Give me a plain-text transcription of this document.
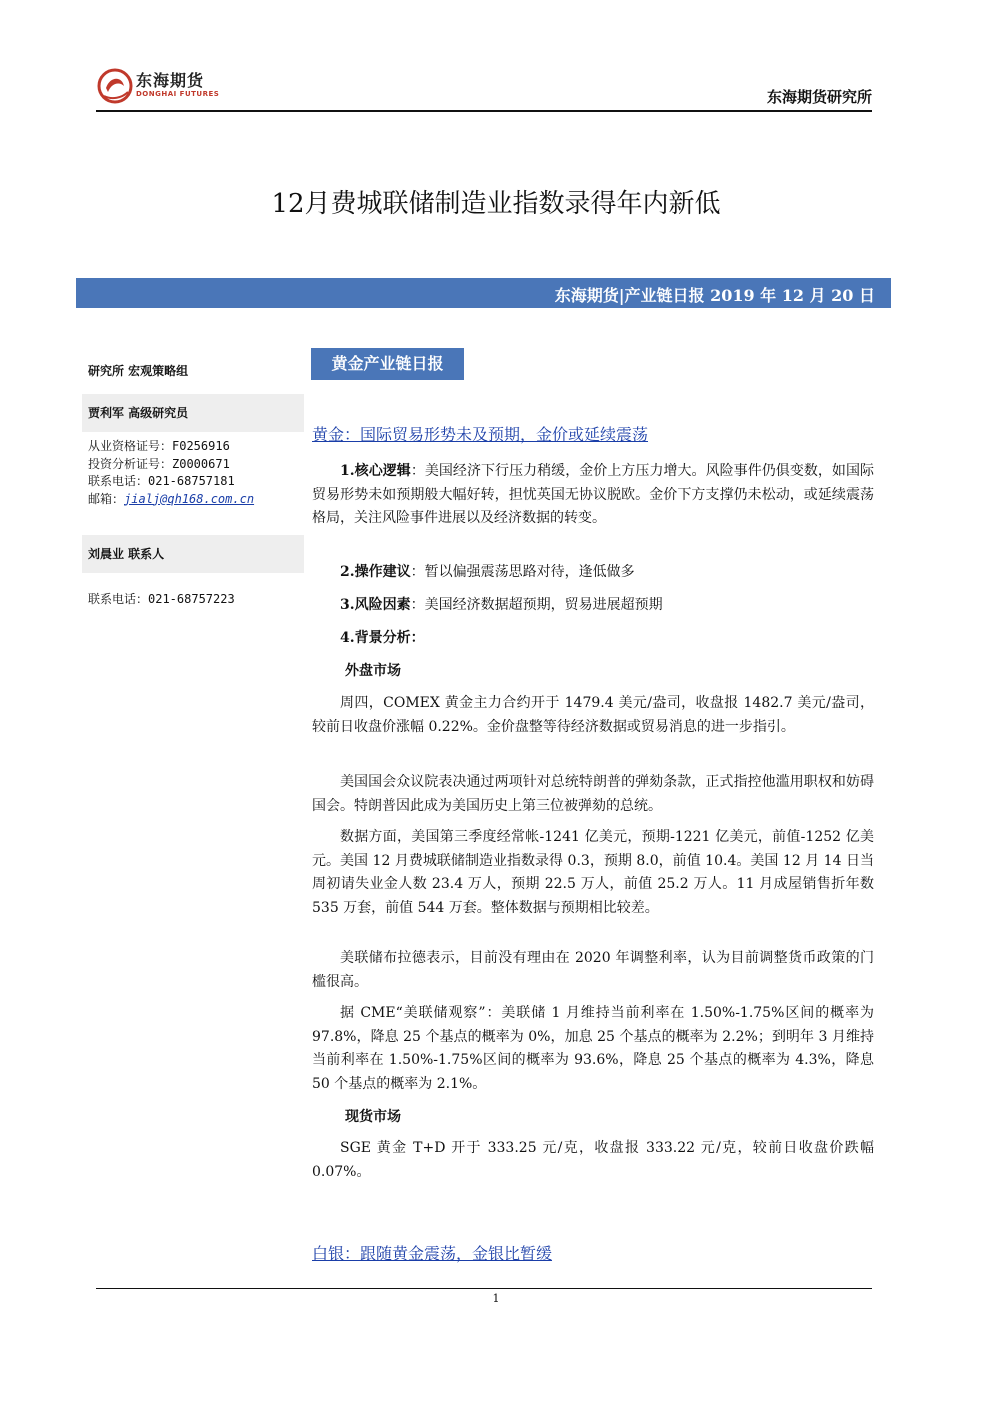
东海期货
DONGHAI FUTURES	东海期货研究所
12月费城联储制造业指数录得年内新低
东海期货|产业链日报 2019 年 12 月 20 日
研究所 宏观策略组
贾利军 高级研究员
从业资格证号：F0256916
投资分析证号：Z0000671
联系电话：021-68757181
邮箱：jialj@qh168.com.cn
刘晨业 联系人
联系电话：021-68757223
黄金产业链日报
黄金：国际贸易形势未及预期，金价或延续震荡
1.核心逻辑：美国经济下行压力稍缓，金价上方压力增大。风险事件仍俱变数，如国际贸易形势未如预期般大幅好转，担忧英国无协议脱欧。金价下方支撑仍未松动，或延续震荡格局，关注风险事件进展以及经济数据的转变。
2.操作建议：暂以偏强震荡思路对待，逢低做多
3.风险因素：美国经济数据超预期，贸易进展超预期
4.背景分析：
外盘市场
周四，COMEX 黄金主力合约开于 1479.4 美元/盎司，收盘报 1482.7 美元/盎司，较前日收盘价涨幅 0.22%。金价盘整等待经济数据或贸易消息的进一步指引。
美国国会众议院表决通过两项针对总统特朗普的弹劾条款，正式指控他滥用职权和妨碍国会。特朗普因此成为美国历史上第三位被弹劾的总统。
数据方面，美国第三季度经常帐-1241 亿美元，预期-1221 亿美元，前值-1252 亿美元。美国 12 月费城联储制造业指数录得 0.3，预期 8.0，前值 10.4。美国 12 月 14 日当周初请失业金人数 23.4 万人，预期 22.5 万人，前值 25.2 万人。11 月成屋销售折年数 535 万套，前值 544 万套。整体数据与预期相比较差。
美联储布拉德表示，目前没有理由在 2020 年调整利率，认为目前调整货币政策的门槛很高。
据 CME“美联储观察”：美联储 1 月维持当前利率在 1.50%-1.75%区间的概率为 97.8%，降息 25 个基点的概率为 0%，加息 25 个基点的概率为 2.2%；到明年 3 月维持当前利率在 1.50%-1.75%区间的概率为 93.6%，降息 25 个基点的概率为 4.3%，降息 50 个基点的概率为 2.1%。
现货市场
SGE 黄金 T+D 开于 333.25 元/克，收盘报 333.22 元/克，较前日收盘价跌幅 0.07%。
白银：跟随黄金震荡，金银比暂缓
1
